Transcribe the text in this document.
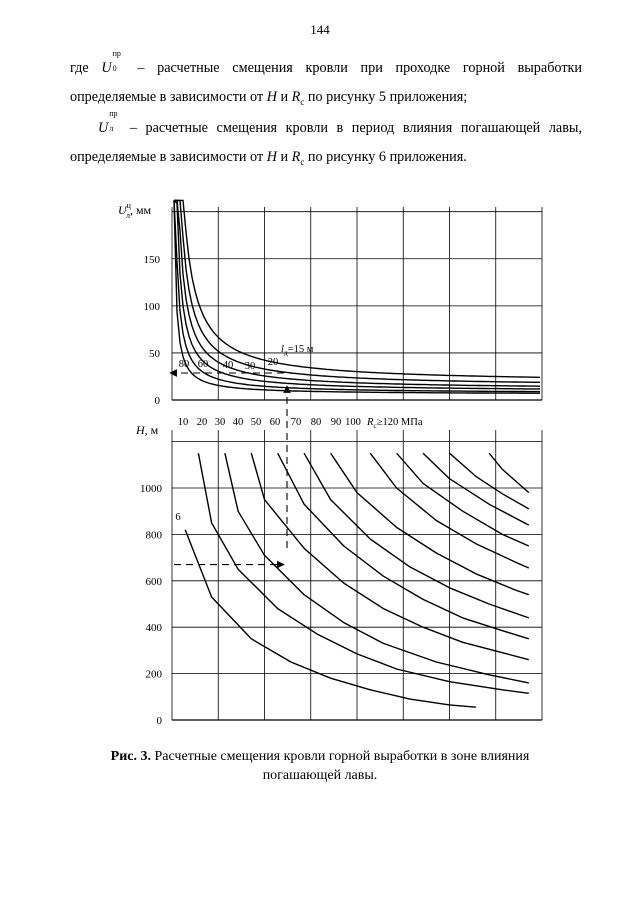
144
где U
пр
0 – расчетные смещения кровли при проходке горной выработки
определяемые в зависимости от H и $R_с$ по рисунку 5 приложения;
U
пр
л – расчетные смещения кровли в период влияния погашающей лавы,
определяемые в зависимости от H и $R_с$ по рисунку 6 приложения.
0
50
100
150
0
200
400
600
800
1000
$U^ц$ л, мм
H, м
10 20 30 40 50 60 70 80 90 100 $R_с\ge 120$ МПа
80 60 40 30 20
$l_д=15$ м
6
Рис. 3. Расчетные смещения кровли горной выработки в зоне влияния
погашающей лавы.
